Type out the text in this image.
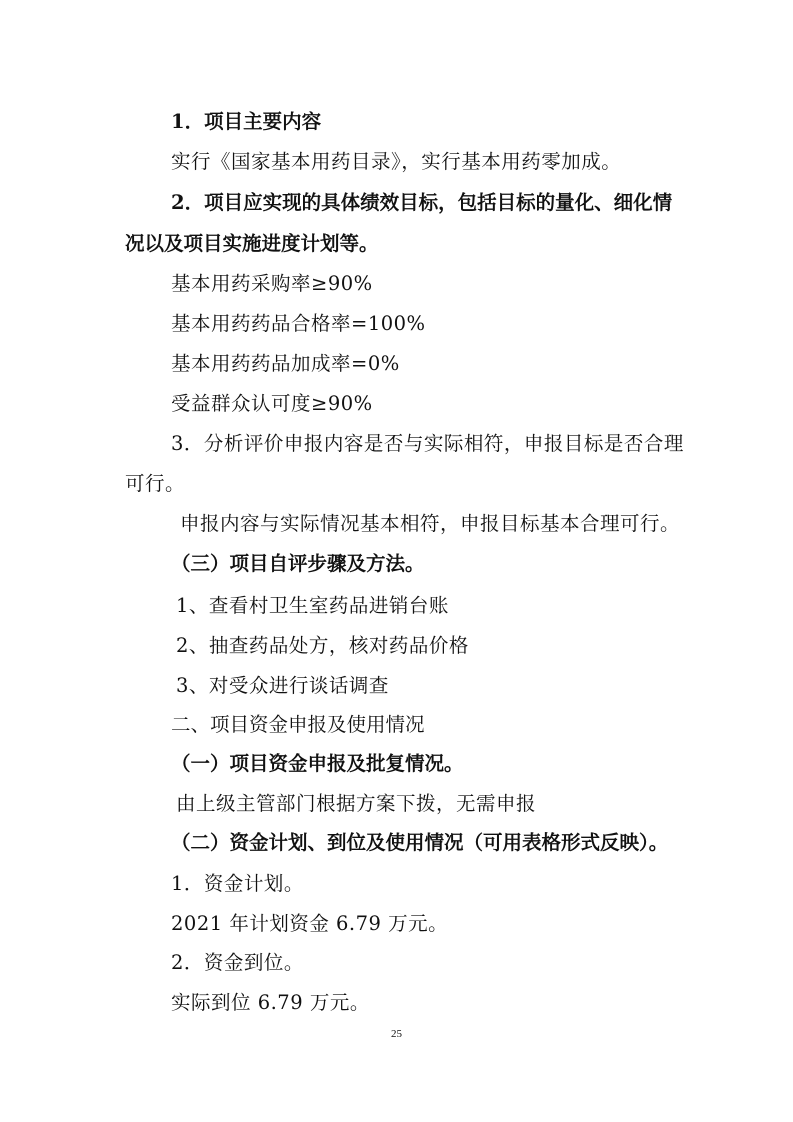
1．项目主要内容
实行《国家基本用药目录》，实行基本用药零加成。
2．项目应实现的具体绩效目标，包括目标的量化、细化情
况以及项目实施进度计划等。
基本用药采购率≥90%
基本用药药品合格率=100%
基本用药药品加成率=0%
受益群众认可度≥90%
3．分析评价申报内容是否与实际相符，申报目标是否合理
可行。
申报内容与实际情况基本相符，申报目标基本合理可行。
（三）项目自评步骤及方法。
1、查看村卫生室药品进销台账
2、抽查药品处方，核对药品价格
3、对受众进行谈话调查
二、项目资金申报及使用情况
（一）项目资金申报及批复情况。
由上级主管部门根据方案下拨，无需申报
（二）资金计划、到位及使用情况（可用表格形式反映）。
1．资金计划。
2021 年计划资金 6.79 万元。
2．资金到位。
实际到位 6.79 万元。
25
